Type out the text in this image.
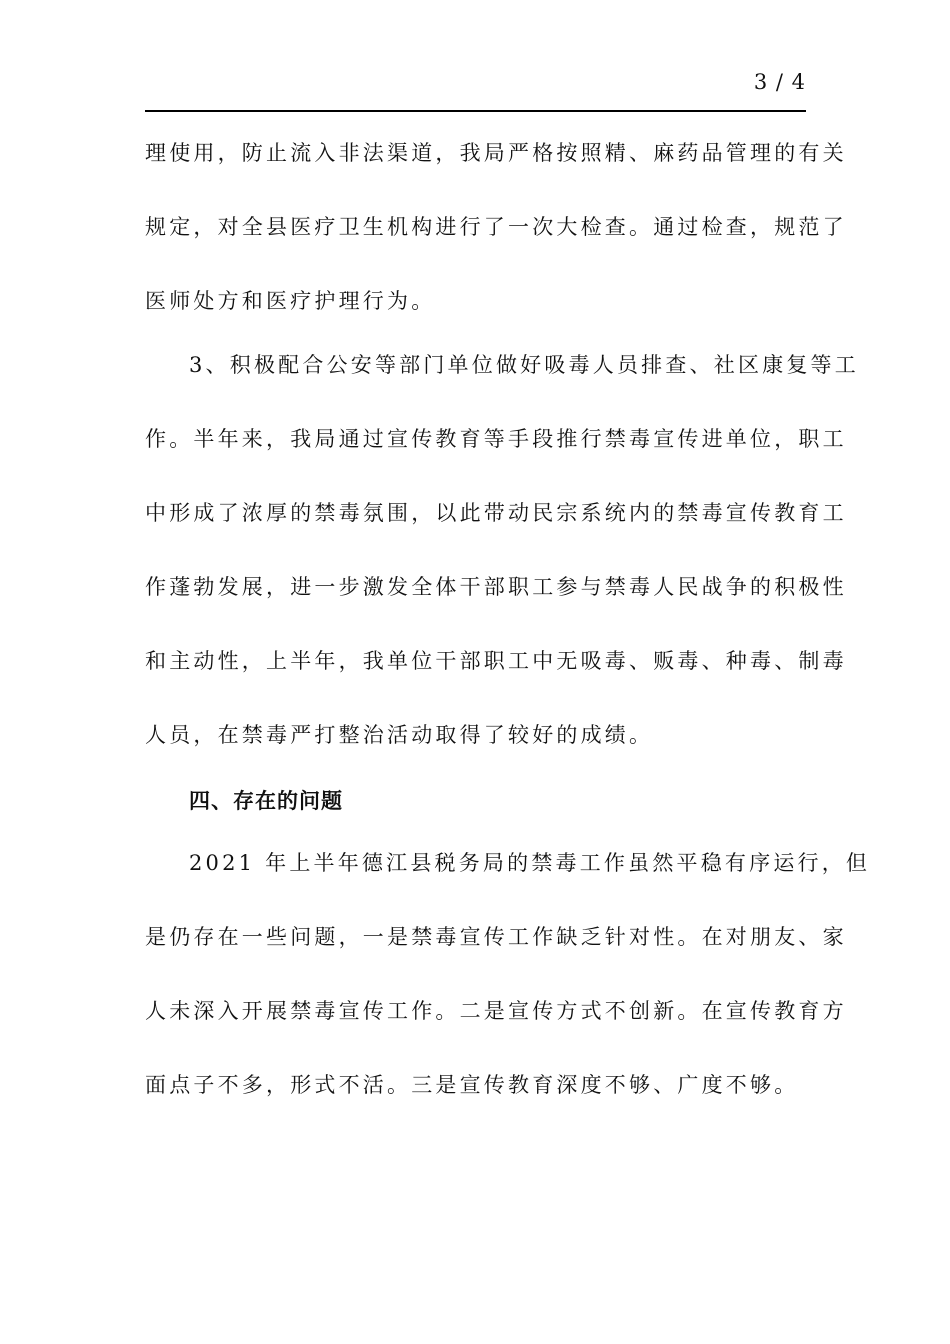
3 / 4
理使用，防止流入非法渠道，我局严格按照精、麻药品管理的有关
规定，对全县医疗卫生机构进行了一次大检查。通过检查，规范了
医师处方和医疗护理行为。
3、积极配合公安等部门单位做好吸毒人员排查、社区康复等工
作。半年来，我局通过宣传教育等手段推行禁毒宣传进单位，职工
中形成了浓厚的禁毒氛围，以此带动民宗系统内的禁毒宣传教育工
作蓬勃发展，进一步激发全体干部职工参与禁毒人民战争的积极性
和主动性，上半年，我单位干部职工中无吸毒、贩毒、种毒、制毒
人员，在禁毒严打整治活动取得了较好的成绩。
四、存在的问题
2021 年上半年德江县税务局的禁毒工作虽然平稳有序运行，但
是仍存在一些问题，一是禁毒宣传工作缺乏针对性。在对朋友、家
人未深入开展禁毒宣传工作。二是宣传方式不创新。在宣传教育方
面点子不多，形式不活。三是宣传教育深度不够、广度不够。
